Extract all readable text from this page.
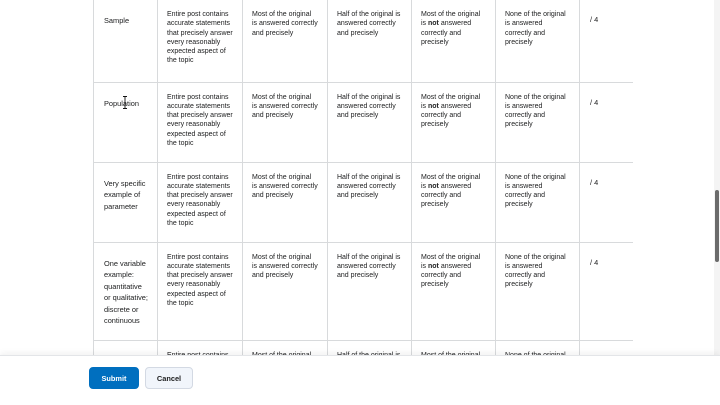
Sample	Entire post contains accurate statements that precisely answer every reasonably expected aspect of the topic	Most of the original is answered correctly and precisely	Half of the original is answered correctly and precisely	Most of the original is not answered correctly and precisely	None of the original is answered correctly and precisely	/ 4
Population	Entire post contains accurate statements that precisely answer every reasonably expected aspect of the topic	Most of the original is answered correctly and precisely	Half of the original is answered correctly and precisely	Most of the original is not answered correctly and precisely	None of the original is answered correctly and precisely	/ 4
Very specific example of parameter	Entire post contains accurate statements that precisely answer every reasonably expected aspect of the topic	Most of the original is answered correctly and precisely	Half of the original is answered correctly and precisely	Most of the original is not answered correctly and precisely	None of the original is answered correctly and precisely	/ 4
One variable example: quantitative or qualitative; discrete or continuous	Entire post contains accurate statements that precisely answer every reasonably expected aspect of the topic	Most of the original is answered correctly and precisely	Half of the original is answered correctly and precisely	Most of the original is not answered correctly and precisely	None of the original is answered correctly and precisely	/ 4

Submit	Cancel
